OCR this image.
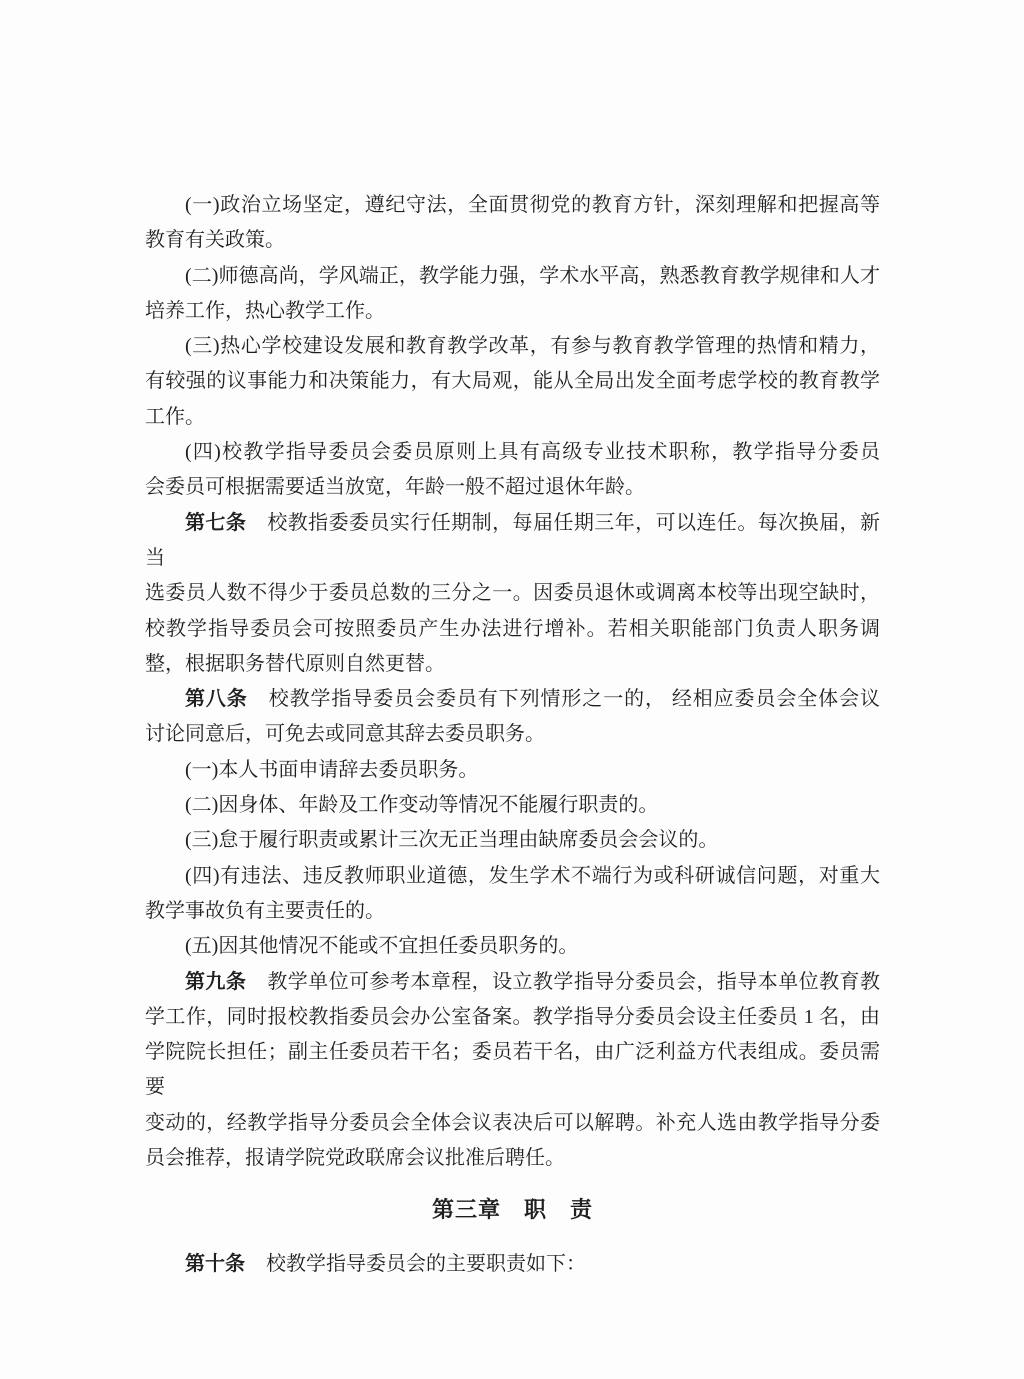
(一)政治立场坚定，遵纪守法，全面贯彻党的教育方针，深刻理解和把握高等

教育有关政策。

(二)师德高尚，学风端正，教学能力强，学术水平高，熟悉教育教学规律和人才

培养工作，热心教学工作。

(三)热心学校建设发展和教育教学改革，有参与教育教学管理的热情和精力，

有较强的议事能力和决策能力，有大局观，能从全局出发全面考虑学校的教育教学

工作。

(四)校教学指导委员会委员原则上具有高级专业技术职称，教学指导分委员

会委员可根据需要适当放宽，年龄一般不超过退休年龄。

第七条 校教指委委员实行任期制，每届任期三年，可以连任。每次换届，新当

选委员人数不得少于委员总数的三分之一。因委员退休或调离本校等出现空缺时，

校教学指导委员会可按照委员产生办法进行增补。若相关职能部门负责人职务调

整，根据职务替代原则自然更替。

第八条 校教学指导委员会委员有下列情形之一的， 经相应委员会全体会议

讨论同意后，可免去或同意其辞去委员职务。

(一)本人书面申请辞去委员职务。

(二)因身体、年龄及工作变动等情况不能履行职责的。

(三)怠于履行职责或累计三次无正当理由缺席委员会会议的。

(四)有违法、违反教师职业道德，发生学术不端行为或科研诚信问题，对重大

教学事故负有主要责任的。

(五)因其他情况不能或不宜担任委员职务的。

第九条 教学单位可参考本章程，设立教学指导分委员会，指导本单位教育教

学工作，同时报校教指委员会办公室备案。教学指导分委员会设主任委员 1 名，由

学院院长担任；副主任委员若干名；委员若干名，由广泛利益方代表组成。委员需要

变动的，经教学指导分委员会全体会议表决后可以解聘。补充人选由教学指导分委

员会推荐，报请学院党政联席会议批准后聘任。

第三章　职　责

第十条 校教学指导委员会的主要职责如下：
